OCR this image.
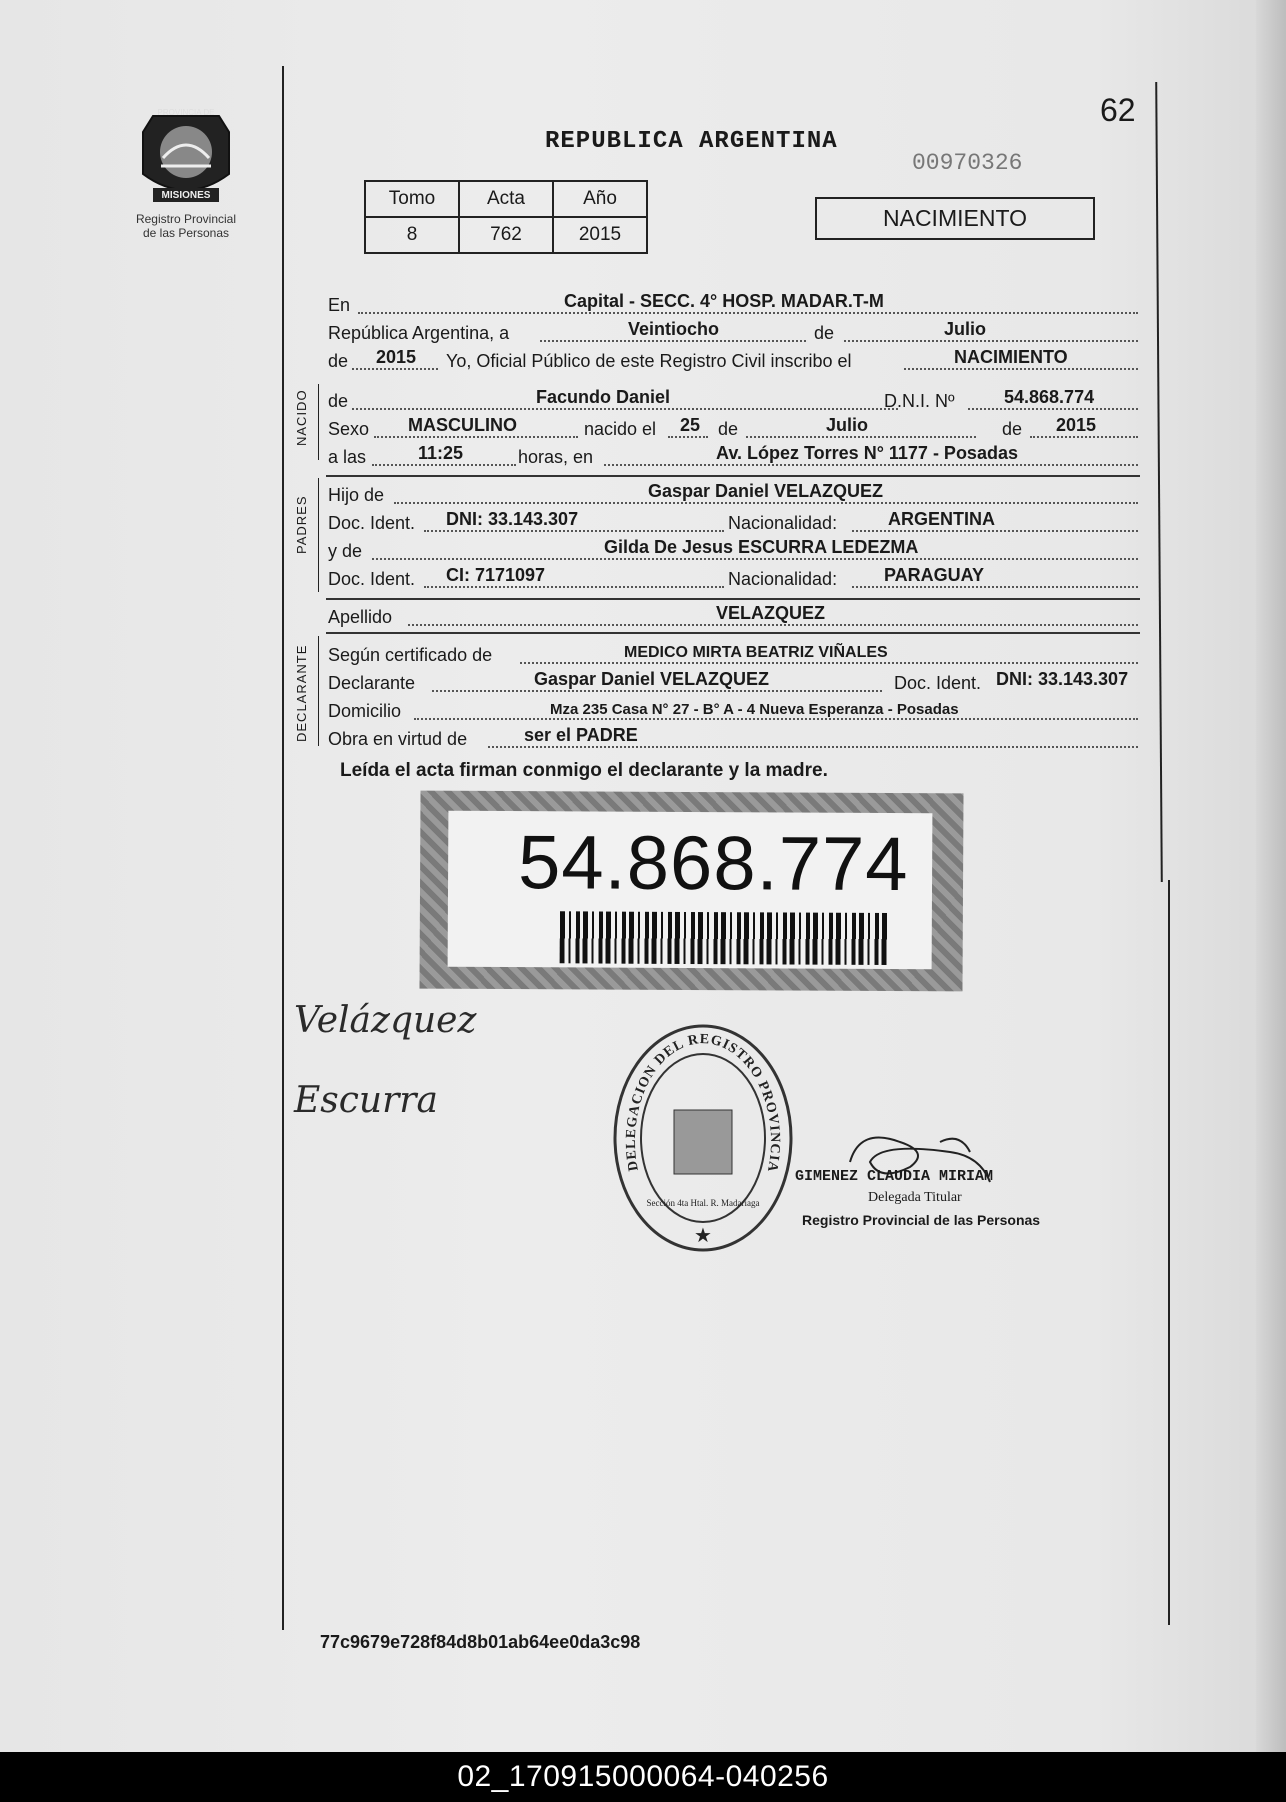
PROVINCIA DE
MISIONES
Registro Provincial
de las Personas
62
REPUBLICA ARGENTINA
00970326
Tomo	Acta	Año
8	762	2015
NACIMIENTO
NACIDO
PADRES
DECLARANTE
En	Capital - SECC. 4° HOSP. MADAR.T-M
República Argentina, a	Veintiocho	de	Julio
de 2015 Yo, Oficial Público de este Registro Civil inscribo el	NACIMIENTO
de	Facundo Daniel	D.N.I. Nº	54.868.774
Sexo MASCULINO	nacido el 25 de	Julio	de 2015
a las	11:25	horas, en	Av. López Torres N° 1177 - Posadas
Hijo de	Gaspar Daniel VELAZQUEZ
Doc. Ident. DNI: 33.143.307	Nacionalidad:	ARGENTINA
y de	Gilda De Jesus ESCURRA LEDEZMA
Doc. Ident. CI: 7171097	Nacionalidad:	PARAGUAY
Apellido	VELAZQUEZ
Según certificado de	MEDICO MIRTA BEATRIZ VIÑALES
Declarante	Gaspar Daniel VELAZQUEZ	Doc. Ident. DNI: 33.143.307
Domicilio	Mza 235 Casa N° 27 - B° A - 4 Nueva Esperanza - Posadas
Obra en virtud de	ser el PADRE
Leída el acta firman conmigo el declarante y la madre.
54.868.774
Velázquez
Escurra
DELEGACION DEL REGISTRO PROVINCIA
Sección 4ta Htal. R. Madariaga
★
GIMENEZ CLAUDIA MIRIAM
Delegada Titular
Registro Provincial de las Personas
77c9679e728f84d8b01ab64ee0da3c98
02_170915000064-040256
